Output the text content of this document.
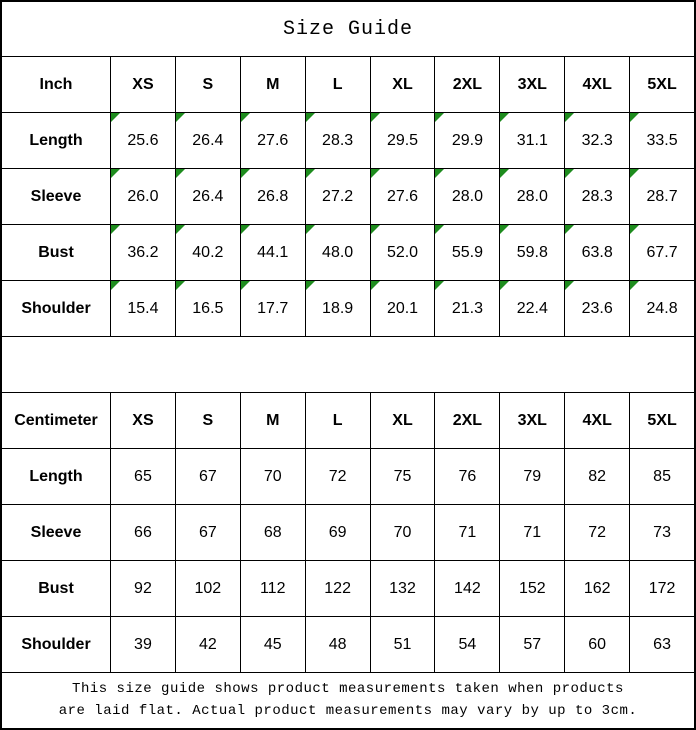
Size Guide
Inch	XS	S	M	L	XL 2XL 3XL 4XL 5XL
Length	25.6 26.4 27.6 28.3 29.5 29.9 31.1 32.3 33.5
Sleeve	26.0 26.4 26.8 27.2 27.6 28.0 28.0 28.3 28.7
Bust	36.2 40.2 44.1 48.0 52.0 55.9 59.8 63.8 67.7
Shoulder 15.4 16.5 17.7 18.9 20.1 21.3 22.4 23.6 24.8
Centimeter XS	S	M	L	XL 2XL 3XL 4XL 5XL
Length	65	67	70	72	75	76	79	82	85
Sleeve	66	67	68	69	70	71	71	72	73
Bust	92	102 112 122 132 142 152 162 172
Shoulder	39	42	45	48	51	54	57	60	63
This size guide shows product measurements taken when products
are laid flat. Actual product measurements may vary by up to 3cm.
